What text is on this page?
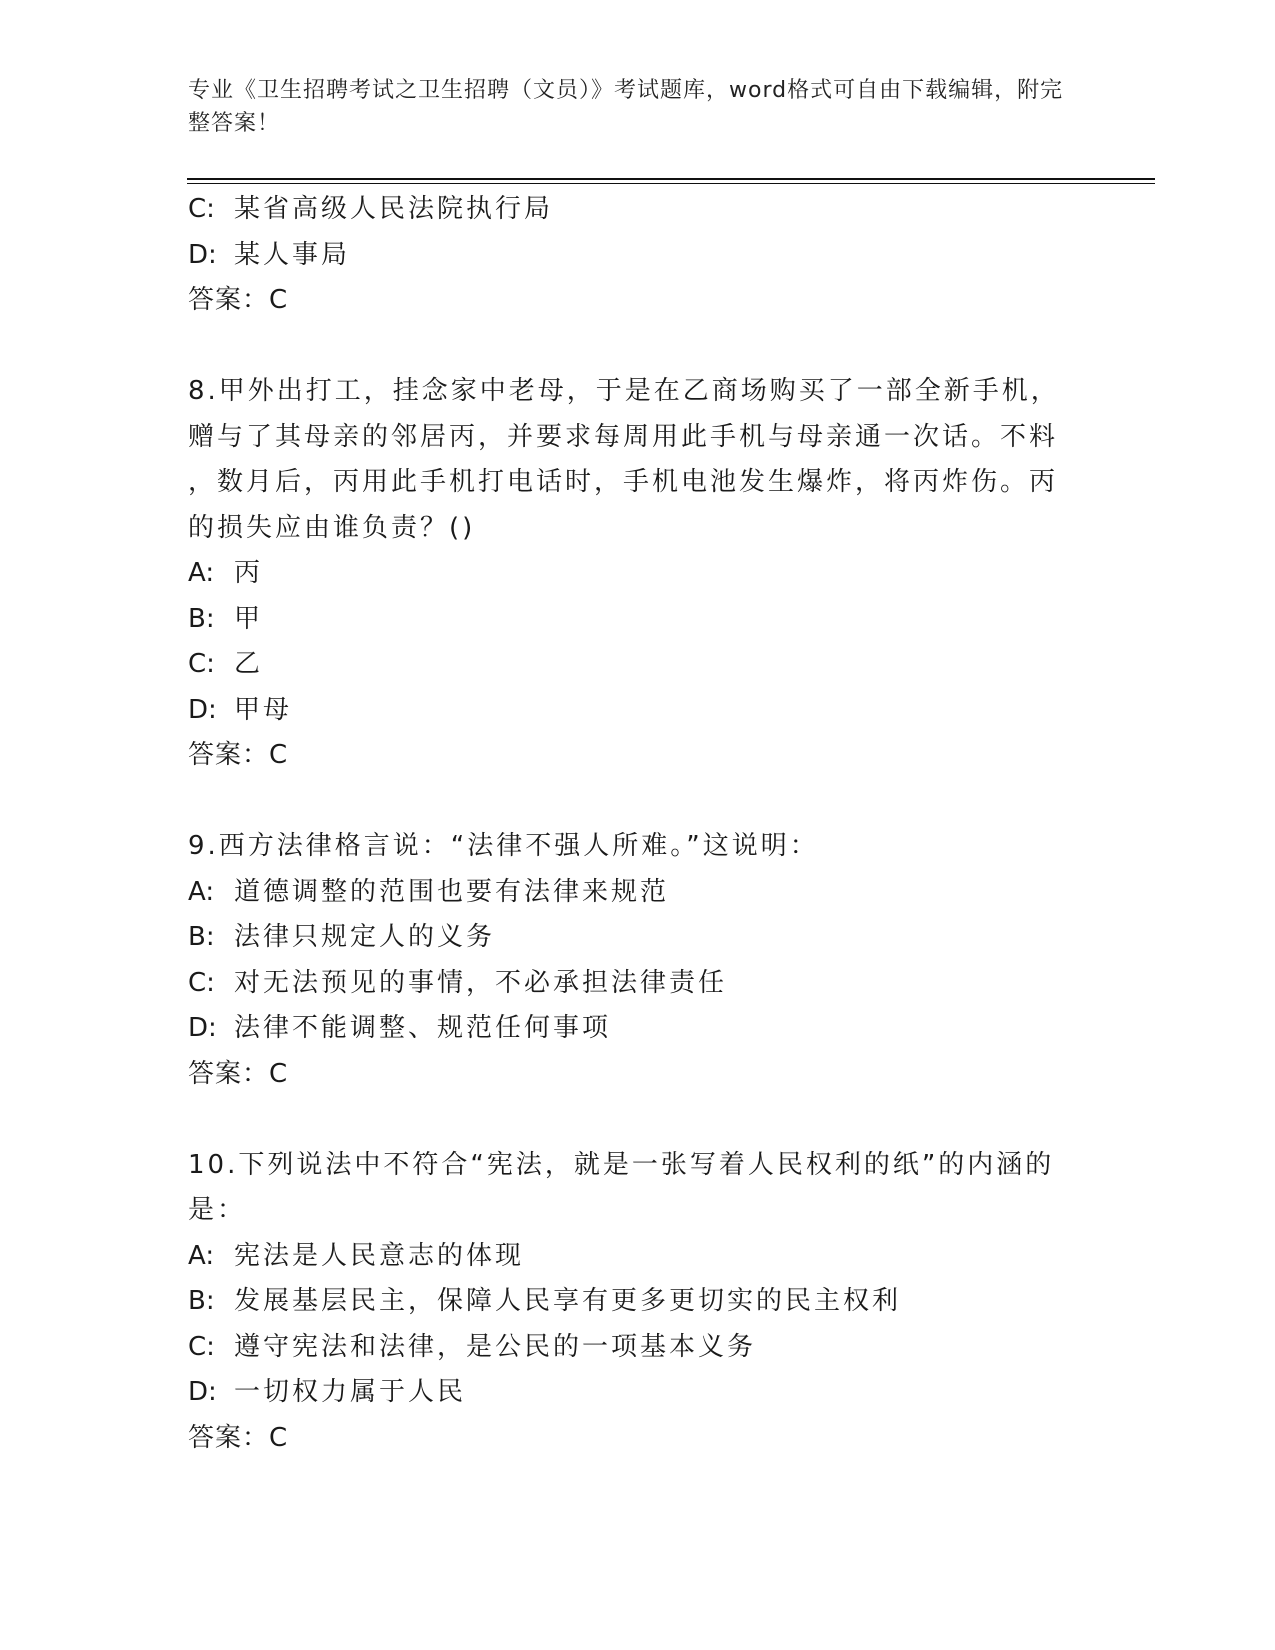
专业《卫生招聘考试之卫生招聘（文员）》考试题库，word格式可自由下载编辑，附完整答案！
C: 某省高级人民法院执行局
D: 某人事局
答案：C
8.甲外出打工，挂念家中老母，于是在乙商场购买了一部全新手机，
赠与了其母亲的邻居丙，并要求每周用此手机与母亲通一次话。不料
，数月后，丙用此手机打电话时，手机电池发生爆炸，将丙炸伤。丙
的损失应由谁负责？()
A: 丙
B: 甲
C: 乙
D: 甲母
答案：C
9.西方法律格言说：“法律不强人所难。”这说明：
A: 道德调整的范围也要有法律来规范
B: 法律只规定人的义务
C: 对无法预见的事情，不必承担法律责任
D: 法律不能调整、规范任何事项
答案：C
10.下列说法中不符合“宪法，就是一张写着人民权利的纸”的内涵的
是：
A: 宪法是人民意志的体现
B: 发展基层民主，保障人民享有更多更切实的民主权利
C: 遵守宪法和法律，是公民的一项基本义务
D: 一切权力属于人民
答案：C
